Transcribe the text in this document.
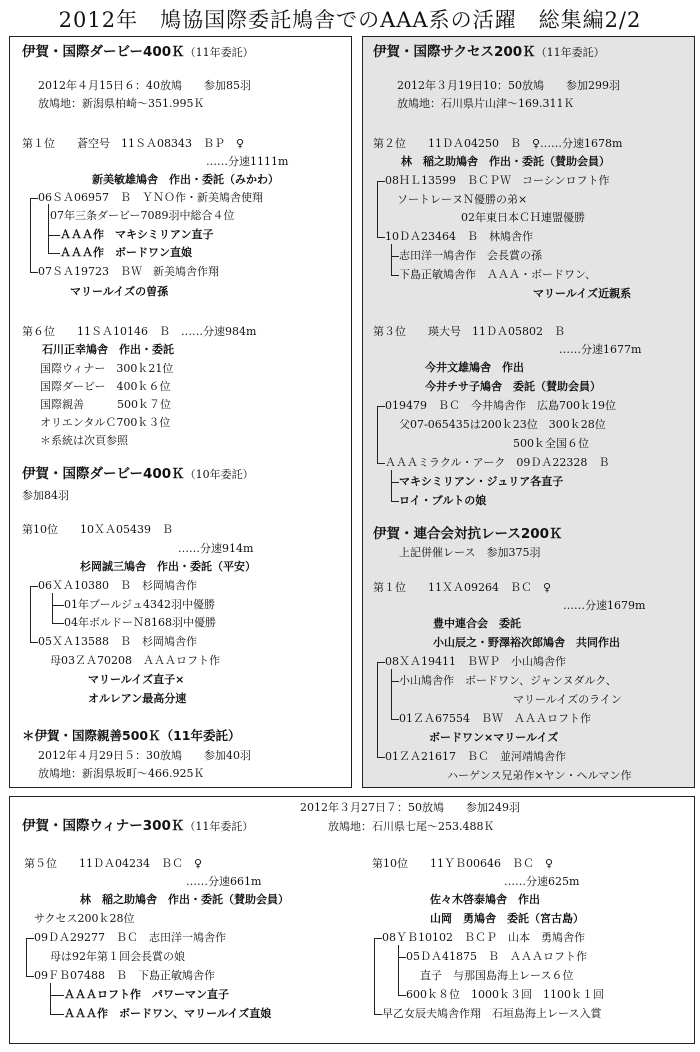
2012年　鳩協国際委託鳩舎でのAAA系の活躍　総集編2/2
伊賀・国際ダービー400Ｋ（11年委託）
2012年４月15日６：40放鳩　　参加85羽
放鳩地：新潟県柏崎～351.995Ｋ
第１位　　蒼空号　11ＳＡ08343　ＢＰ　♀
……分速1111m
新美敏雄鳩舎　作出・委託（みかわ）
06ＳＡ06957　Ｂ　ＹＮＯ作・新美鳩舎使翔
07年三条ダービー7089羽中総合４位
ＡＡＡ作　マキシミリアン直子
ＡＡＡ作　ボードワン直娘
07ＳＡ19723　ＢＷ　新美鳩舎作翔
マリールイズの曽孫
第６位　　11ＳＡ10146　Ｂ　……分速984m
石川正幸鳩舎　作出・委託
国際ウィナー　300ｋ21位
国際ダービー　400ｋ６位
国際親善　　　500ｋ７位
オリエンタルＣ700ｋ３位
＊系統は次頁参照
伊賀・国際ダービー400Ｋ（10年委託）
参加84羽
第10位　　10ＸＡ05439　Ｂ
……分速914m
杉岡誠三鳩舎　作出・委託（平安）
06ＸＡ10380　Ｂ　杉岡鳩舎作
01年ブールジュ4342羽中優勝
04年ボルドーＮ8168羽中優勝
05ＸＡ13588　Ｂ　杉岡鳩舎作
母03ＺＡ70208　ＡＡＡロフト作
マリールイズ直子×
オルレアン最高分速
＊伊賀・国際親善500Ｋ（11年委託）
2012年４月29日５：30放鳩　　参加40羽
放鳩地：新潟県坂町～466.925Ｋ
伊賀・国際サクセス200Ｋ（11年委託）
2012年３月19日10：50放鳩　　参加299羽
放鳩地：石川県片山津～169.311Ｋ
第２位　　11ＤＡ04250　Ｂ　♀……分速1678m
林　稲之助鳩舎　作出・委託（賛助会員）
08ＨＬ13599　ＢＣＰＷ　コーシンロフト作
ソートレーヌＮ優勝の弟×
02年東日本ＣＨ連盟優勝
10ＤＡ23464　Ｂ　林鳩舎作
志田洋一鳩舎作　会長賞の孫
下島正敏鳩舎作　ＡＡＡ・ボードワン、
マリールイズ近親系
第３位　　瑛大号　11ＤＡ05802　Ｂ
……分速1677m
今井文雄鳩舎　作出
今井チサ子鳩舎　委託（賛助会員）
019479　ＢＣ　今井鳩舎作　広島700ｋ19位
父07-065435は200ｋ23位　300ｋ28位
500ｋ全国６位
ＡＡＡミラクル・アーク　09ＤＡ22328　Ｂ
マキシミリアン・ジュリア各直子
ロイ・ブルトの娘
伊賀・連合会対抗レース200Ｋ
上記併催レース　参加375羽
第１位　　11ＸＡ09264　ＢＣ　♀
……分速1679m
豊中連合会　委託
小山辰之・野澤裕次郎鳩舎　共同作出
08ＸＡ19411　ＢＷＰ　小山鳩舎作
小山鳩舎作　ボードワン、ジャンヌダルク、
マリールイズのライン
01ＺＡ67554　ＢＷ　ＡＡＡロフト作
ボードワン×マリールイズ
01ＺＡ21617　ＢＣ　並河靖鳩舎作
ハーゲンス兄弟作×ヤン・ヘルマン作
2012年３月27日７：50放鳩　　参加249羽
伊賀・国際ウィナー300Ｋ（11年委託）	放鳩地：石川県七尾～253.488Ｋ
第５位　　11ＤＡ04234　ＢＣ　♀
……分速661m
林　稲之助鳩舎　作出・委託（賛助会員）
サクセス200ｋ28位
09ＤＡ29277　ＢＣ　志田洋一鳩舎作
母は92年第１回会長賞の娘
09ＦＢ07488　Ｂ　下島正敏鳩舎作
ＡＡＡロフト作　パワーマン直子
ＡＡＡ作　ボードワン、マリールイズ直娘
第10位　　11ＹＢ00646　ＢＣ　♀
……分速625m
佐々木啓泰鳩舎　作出
山岡　勇鳩舎　委託（宮古島）
08ＹＢ10102　ＢＣＰ　山本　勇鳩舎作
05ＤＡ41875　Ｂ　ＡＡＡロフト作
直子　与那国島海上レース６位
600ｋ８位　1000ｋ３回　1100ｋ１回
早乙女辰夫鳩舎作翔　石垣島海上レース入賞
